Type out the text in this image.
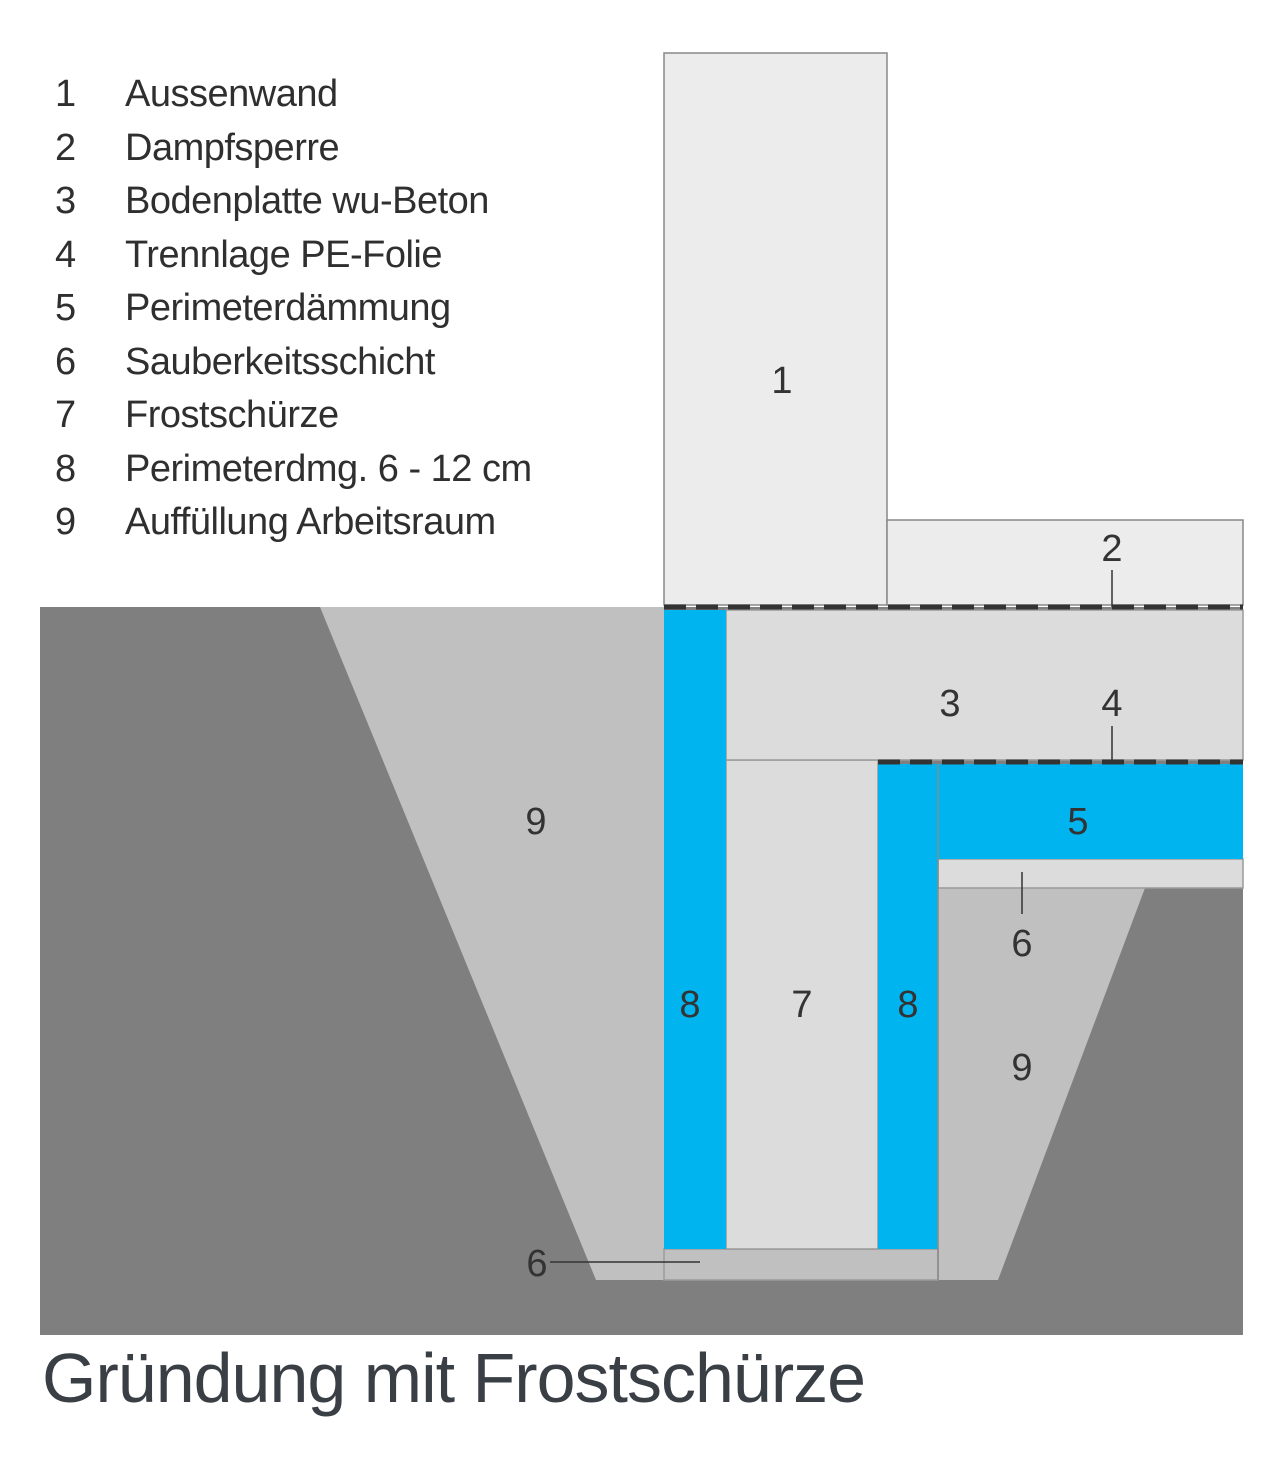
1 Aussenwand
2 Dampfsperre
3 Bodenplatte wu-Beton
4 Trennlage PE-Folie
5 Perimeterdämmung
6 Sauberkeitsschicht
7 Frostschürze
8 Perimeterdmg. 6 - 12 cm
9 Auffüllung Arbeitsraum
1
2
3	4
5
6
9
8 7 8
9
6
Gründung mit Frostschürze
